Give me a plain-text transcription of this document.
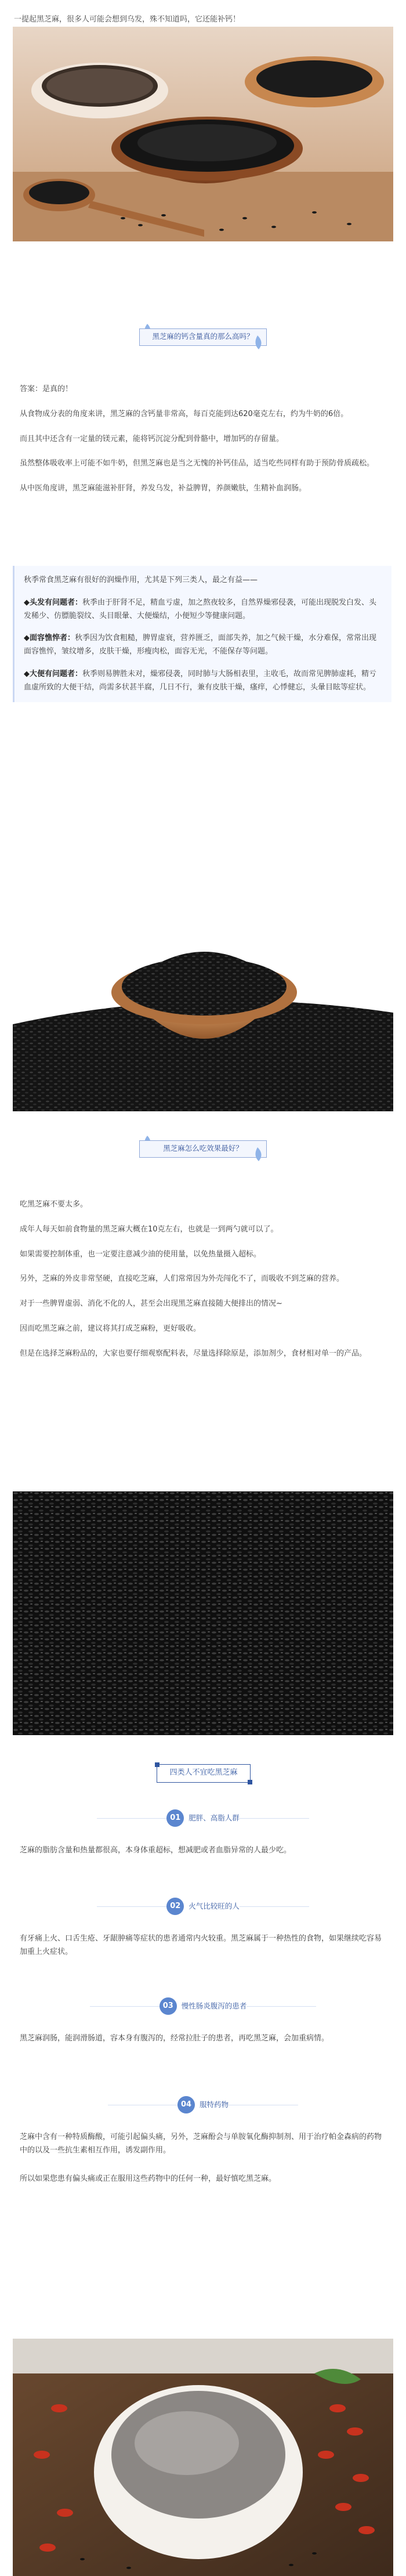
一提起黑芝麻，很多人可能会想到乌发，殊不知道吗，它还能补钙！

黑芝麻的钙含量真的那么高吗？

答案：是真的！

从食物成分表的角度来讲，黑芝麻的含钙量非常高，每百克能到达620毫克左右，约为牛奶的6倍。

而且其中还含有一定量的镁元素，能将钙沉淀分配到骨骼中，增加钙的存留量。

虽然整体吸收率上可能不如牛奶，但黑芝麻也是当之无愧的补钙佳品，适当吃些同样有助于预防骨质疏松。

从中医角度讲，黑芝麻能滋补肝肾，养发乌发，补益脾胃，养颜嫩肤，生精补血润肠。

秋季常食黑芝麻有很好的润燥作用，尤其是下列三类人，最之有益——

◆头发有问题者：秋季由于肝肾不足，精血亏虚，加之熬夜较多，自然界燥邪侵袭，可能出现脱发白发、头发稀少、仿膘脆裂纹、头目眼暈、大便燥结，小便短少等健康问题。

◆面容憔悴者：秋季因为饮食粗糙，脾胃虚衰，营养匮乏，面部失养，加之气候干燥，水分难保，常常出现面容憔悴，皱纹增多，皮肤干燥，形瘦肉松，面容无光，不能保存等问题。

◆大便有问题者：秋季则易脾胜未对，燥邪侵袭，同时肺与大肠相表里，主收毛，故而常见脾肺虚耗，精亏血虚所致的大便干结，尚需多状甚半腐，几日不行，兼有皮肤干燥，瘙痒，心悸健忘，头暈目眩等症状。

黑芝麻怎么吃效果最好？

吃黑芝麻不要太多。

成年人每天如前食物量的黑芝麻大概在10克左右，也就是一到两勺就可以了。

如果需要控制体重，也一定要注意减少油的使用量，以免热量摄入超标。

另外，芝麻的外皮非常坚硬，直接吃芝麻，人们常常因为外壳闯化不了，而吸收不到芝麻的营养。

对于一些脾胃虚弱、消化不化的人，甚至会出现黑芝麻直接随大便排出的情况~

因而吃黑芝麻之前，建议将其打成芝麻粉，更好吸收。

但是在选择芝麻粉品的，大家也要仔细观察配料表，尽量选择除原是，添加剂少，食材相对单一的产品。

四类人不宜吃黑芝麻
01	肥胖、高脂人群

芝麻的脂肪含量和热量都很高，本身体重超标，想减肥或者血脂异常的人最少吃。

02	火气比较旺的人

有牙痛上火、口舌生疮、牙龈肿痛等症状的患者通常内火较重。黑芝麻属于一种热性的食物，如果继续吃容易加重上火症状。

03	慢性肠炎腹泻的患者

黑芝麻润肠，能润滑肠道，容本身有腹泻的，经常拉肚子的患者，再吃黑芝麻，会加重病情。

04	服特药物

芝麻中含有一种特质酶酸，可能引起偏头痛，另外，芝麻酚会与单胺氧化酶抑制剂、用于治疗帕金森病的药物中的以及一些抗生素相互作用，诱发副作用。

所以如果您患有偏头痛或正在服用这些药物中的任何一种，最好慎吃黑芝麻。
